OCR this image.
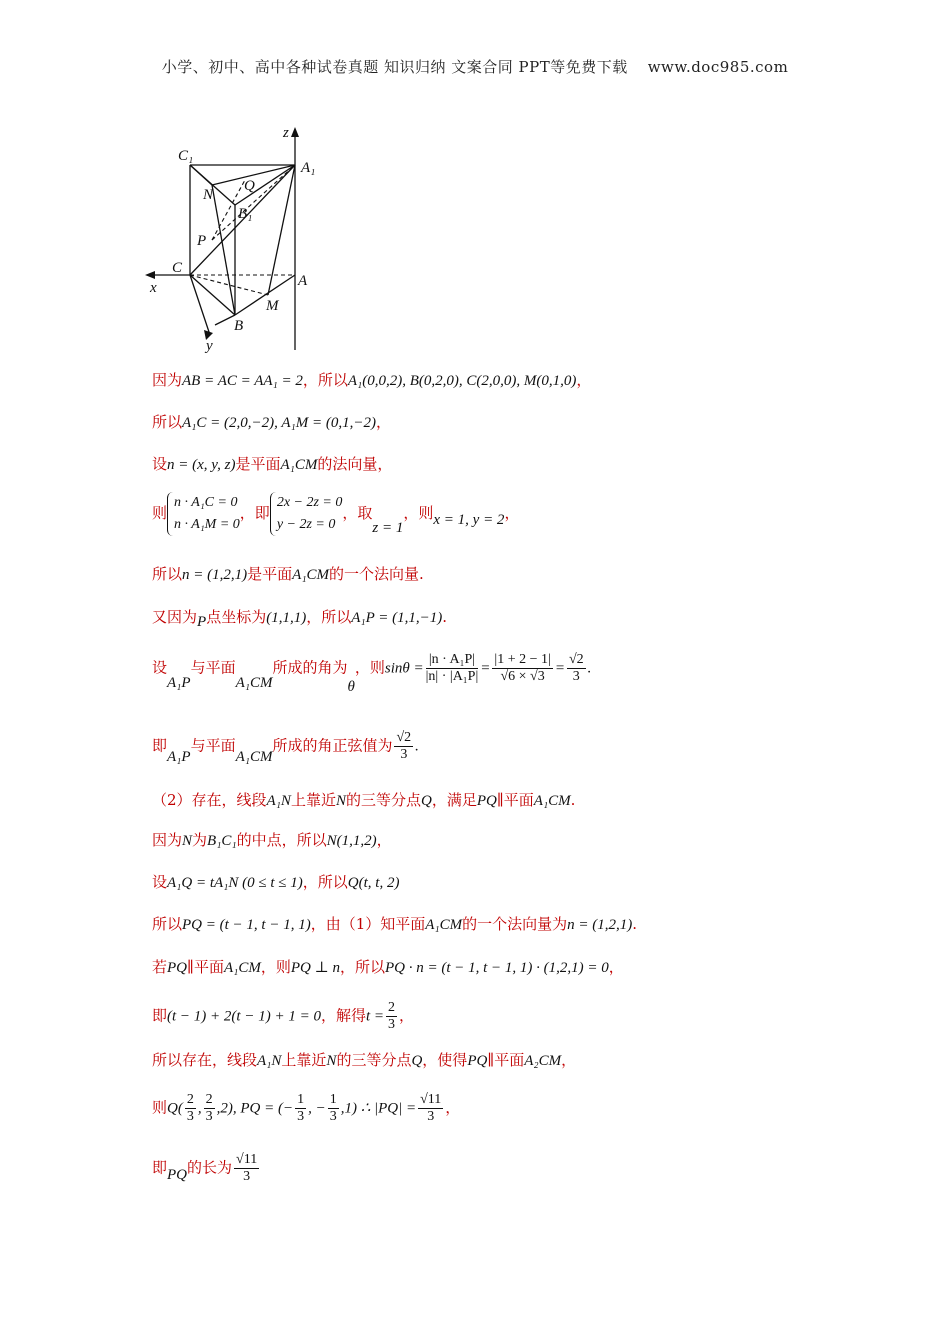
小学、初中、高中各种试卷真题 知识归纳 文案合同 PPT等免费下载 www.doc985.com
z
x
y
C₁
A₁
B₁
N
Q
P
C
A
B
M
因为AB = AC = AA₁ = 2，所以A₁(0,0,2), B(0,2,0), C(2,0,0), M(0,1,0)，
所以A₁C = (2,0,−2), A₁M = (0,1,−2)，
设n = (x, y, z)是平面A₁CM的法向量，
则
n · A₁C = 0
n · A₁M = 0
，即
2x − 2z = 0
y − 2z = 0
，取z = 1，则x = 1, y = 2，
所以n = (1,2,1)是平面A₁CM的一个法向量.
又因为P点坐标为(1,1,1)，所以A₁P = (1,1,−1).
设A₁P与平面A₁CM所成的角为θ，则$\sin\theta = \frac{\text{|n · A₁P|}}{\text{|n| · |A₁P|}} = \frac{|1 + 2 - 1|}{√6 \times √3} = \frac{√2}{3}$ .
即A₁P与平面A₁CM所成的角正弦值为 $\frac{√2}{3}$ .
（2）存在，线段A₁N上靠近N的三等分点Q，满足PQ∥平面A₁CM.
因为N为B₁C₁的中点，所以N(1,1,2)，
设A₁Q = tA₁N (0 ≤ t ≤ 1)，所以Q(t, t, 2)
所以PQ = (t − 1, t − 1, 1)，由（1）知平面A₁CM的一个法向量为n = (1,2,1).
若PQ∥平面A₁CM，则PQ ⊥ n，所以PQ · n = (t − 1, t − 1, 1) · (1,2,1) = 0，
即(t − 1) + 2(t − 1) + 1 = 0，解得$t = \frac{2}{3}$ ，
所以存在，线段A₁N上靠近N的三等分点Q，使得PQ∥平面A₂CM，
则$Q( \frac{2}{3}$ , $\frac{2}{3} ,2$), PQ = (− $\frac{1}{3}$ , − $\frac{1}{3} ,1$) ∴ $|PQ| = \frac{√11}{3}$ ，
即PQ的长为 $\frac{√11}{3}$
